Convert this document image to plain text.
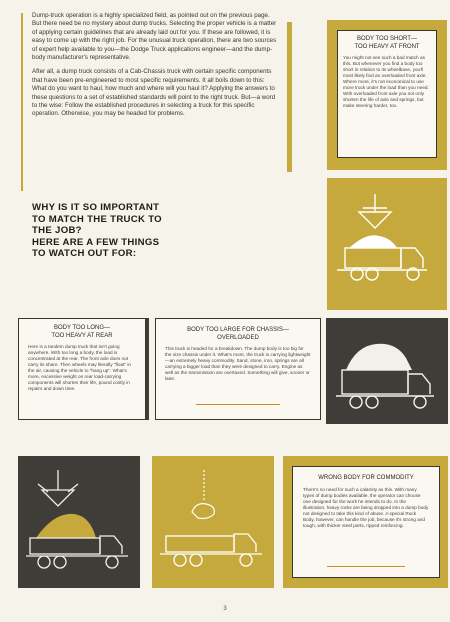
Dump-truck operation is a highly specialized field, as pointed out on the previous page. But there need be no mystery about dump trucks. Selecting the proper vehicle is a matter of applying certain guidelines that are already laid out for you. If these are followed, it is easy to come up with the right job. For the unusual truck operation, there are two sources of expert help available to you—the Dodge Truck applications engineer—and the dump-body manufacturer's representative.

After all, a dump truck consists of a Cab-Chassis truck with certain specific components that have been pre-engineered to most specific requirements. It all boils down to this: What do you want to haul, how much and where will you haul it? Applying the answers to these questions to a set of established standards will point to the right truck. But—a word to the wise: Follow the established procedures in selecting a truck for this specific operation. Otherwise, you may be headed for problems.

WHY IS IT SO IMPORTANT
TO MATCH THE TRUCK TO
THE JOB?
HERE ARE A FEW THINGS
TO WATCH OUT FOR:
BODY TOO SHORT—
TOO HEAVY AT FRONT
You might not see such a bad match as this. But whenever you find a body too short in relation to its wheelbase, you'll most likely find an overloaded front axle. Where more, it's not economical to use more truck under the load than you need. With overloaded front axle you not only shorten the life of axle and springs, but make steering harder, too.
BODY TOO LONG—
TOO HEAVY AT REAR
Here is a tandem dump truck that isn't going anywhere. With too long a body, the load is concentrated at the rear. The front axle does not carry its share. Then wheels may literally "float" in the air, causing the vehicle to "hang up". What's more, excessive weight on rear load-carrying components will shorten their life, pound costly in repairs and down time.
BODY TOO LARGE FOR CHASSIS—
OVERLOADED
This truck is headed for a breakdown. The dump body is too big for the size chassis under it. What's more, the truck is carrying lightweight—an extremely heavy commodity. Sand, stone, iron, springs are all carrying a bigger load than they were designed to carry. Engine as well as the transmission are overtaxed. Something will give, sooner or later.
WRONG BODY FOR COMMODITY
There's no need for such a calamity as this. With many types of dump bodies available, the operator can choose one designed for the work he intends to do. In the illustration, heavy rocks are being dropped into a dump body not designed to take this kind of abuse. A special Rock Body, however, can handle the job, because it's strong and tough, with thicker steel parts, ripped reinforcing.
3
